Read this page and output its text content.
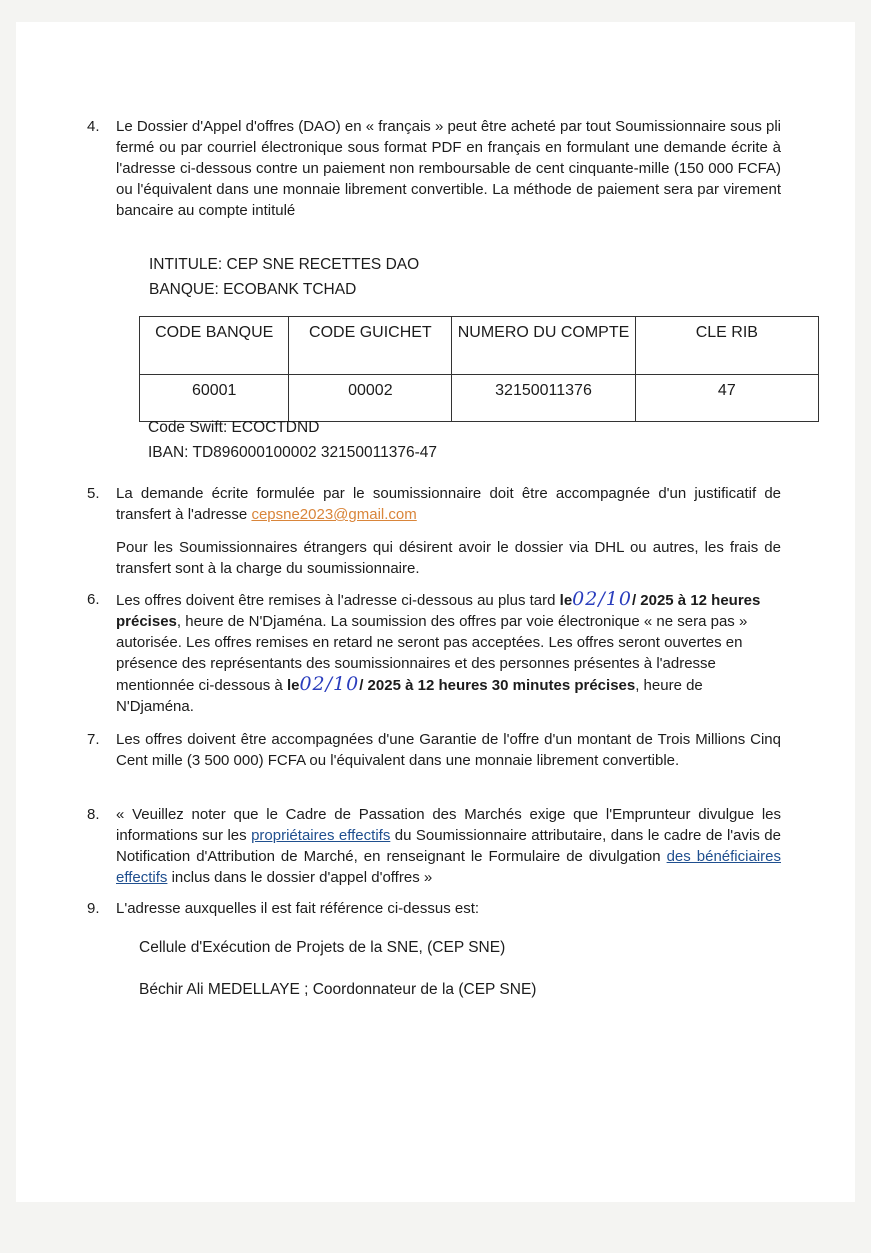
4. Le Dossier d'Appel d'offres (DAO) en « français » peut être acheté par tout Soumissionnaire sous pli fermé ou par courriel électronique sous format PDF en français en formulant une demande écrite à l'adresse ci-dessous contre un paiement non remboursable de cent cinquante-mille (150 000 FCFA) ou l'équivalent dans une monnaie librement convertible. La méthode de paiement sera par virement bancaire au compte intitulé
INTITULE: CEP SNE RECETTES DAO
BANQUE: ECOBANK TCHAD
CODE BANQUE	CODE GUICHET	NUMERO DU COMPTE	CLE RIB
60001	00002	32150011376	47
Code Swift: ECOCTDND
IBAN: TD896000100002 32150011376-47
5. La demande écrite formulée par le soumissionnaire doit être accompagnée d'un justificatif de transfert à l'adresse cepsne2023@gmail.com
Pour les Soumissionnaires étrangers qui désirent avoir le dossier via DHL ou autres, les frais de transfert sont à la charge du soumissionnaire.
6. Les offres doivent être remises à l'adresse ci-dessous au plus tard le02/10/ 2025 à 12 heures précises, heure de N'Djaména. La soumission des offres par voie électronique « ne sera pas » autorisée. Les offres remises en retard ne seront pas acceptées. Les offres seront ouvertes en présence des représentants des soumissionnaires et des personnes présentes à l'adresse mentionnée ci-dessous à le02/10/ 2025 à 12 heures 30 minutes précises, heure de N'Djaména.
7. Les offres doivent être accompagnées d'une Garantie de l'offre d'un montant de Trois Millions Cinq Cent mille (3 500 000) FCFA ou l'équivalent dans une monnaie librement convertible.
8. « Veuillez noter que le Cadre de Passation des Marchés exige que l'Emprunteur divulgue les informations sur les propriétaires effectifs du Soumissionnaire attributaire, dans le cadre de l'avis de Notification d'Attribution de Marché, en renseignant le Formulaire de divulgation des bénéficiaires effectifs inclus dans le dossier d'appel d'offres »
9. L'adresse auxquelles il est fait référence ci-dessus est:
Cellule d'Exécution de Projets de la SNE, (CEP SNE)
Béchir Ali MEDELLAYE ; Coordonnateur de la (CEP SNE)
